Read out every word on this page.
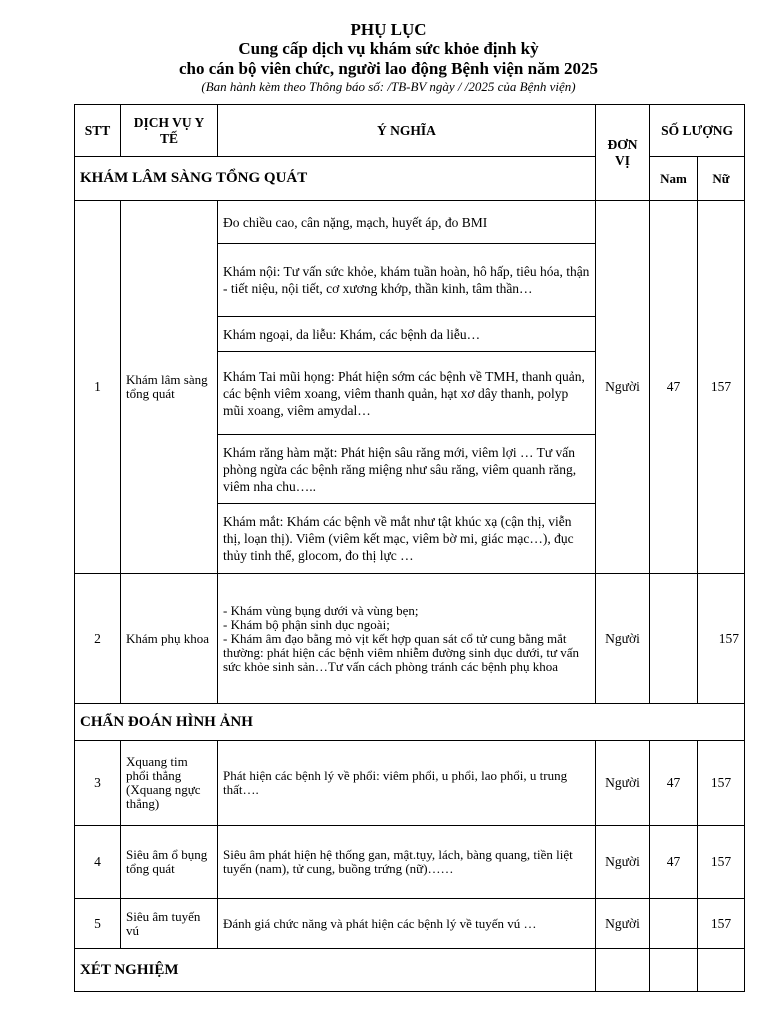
PHỤ LỤC
Cung cấp dịch vụ khám sức khỏe định kỳ
cho cán bộ viên chức, người lao động Bệnh viện năm 2025
(Ban hành kèm theo Thông báo số: /TB-BV ngày / /2025 của Bệnh viện)
STT	DỊCH VỤ Y TẾ	Ý NGHĨA	ĐƠN VỊ	SỐ LƯỢNG	
KHÁM LÂM SÀNG TỔNG QUÁT				Nam	Nữ
1	Khám lâm sàng tổng quát	Đo chiều cao, cân nặng, mạch, huyết áp, đo BMI	Người	47	157
		Khám nội: Tư vấn sức khỏe, khám tuần hoàn, hô hấp, tiêu hóa, thận - tiết niệu, nội tiết, cơ xương khớp, thần kinh, tâm thần…			
		Khám ngoại, da liễu: Khám, các bệnh da liễu…			
		Khám Tai mũi họng: Phát hiện sớm các bệnh về TMH, thanh quản, các bệnh viêm xoang, viêm thanh quản, hạt xơ dây thanh, polyp mũi xoang, viêm amydal…			
		Khám răng hàm mặt: Phát hiện sâu răng mới, viêm lợi … Tư vấn phòng ngừa các bệnh răng miệng như sâu răng, viêm quanh răng, viêm nha chu…..			
		Khám mắt: Khám các bệnh về mắt như tật khúc xạ (cận thị, viễn thị, loạn thị). Viêm (viêm kết mạc, viêm bờ mi, giác mạc…), đục thủy tinh thể, glocom, đo thị lực …			
2	Khám phụ khoa	- Khám vùng bụng dưới và vùng bẹn;
- Khám bộ phận sinh dục ngoài;
- Khám âm đạo bằng mỏ vịt kết hợp quan sát cổ tử cung bằng mắt thường: phát hiện các bệnh viêm nhiễm đường sinh dục dưới, tư vấn sức khỏe sinh sản…Tư vấn cách phòng tránh các bệnh phụ khoa	Người		157
CHẨN ĐOÁN HÌNH ẢNH					
3	Xquang tim phổi thẳng (Xquang ngực thẳng)	Phát hiện các bệnh lý về phổi: viêm phổi, u phổi, lao phổi, u trung thất….	Người	47	157
4	Siêu âm ổ bụng tổng quát	Siêu âm phát hiện hệ thống gan, mật.tụy, lách, bàng quang, tiền liệt tuyến (nam), tử cung, buồng trứng (nữ)……	Người	47	157
5	Siêu âm tuyến vú	Đánh giá chức năng và phát hiện các bệnh lý về tuyến vú …	Người		157
XÉT NGHIỆM					
